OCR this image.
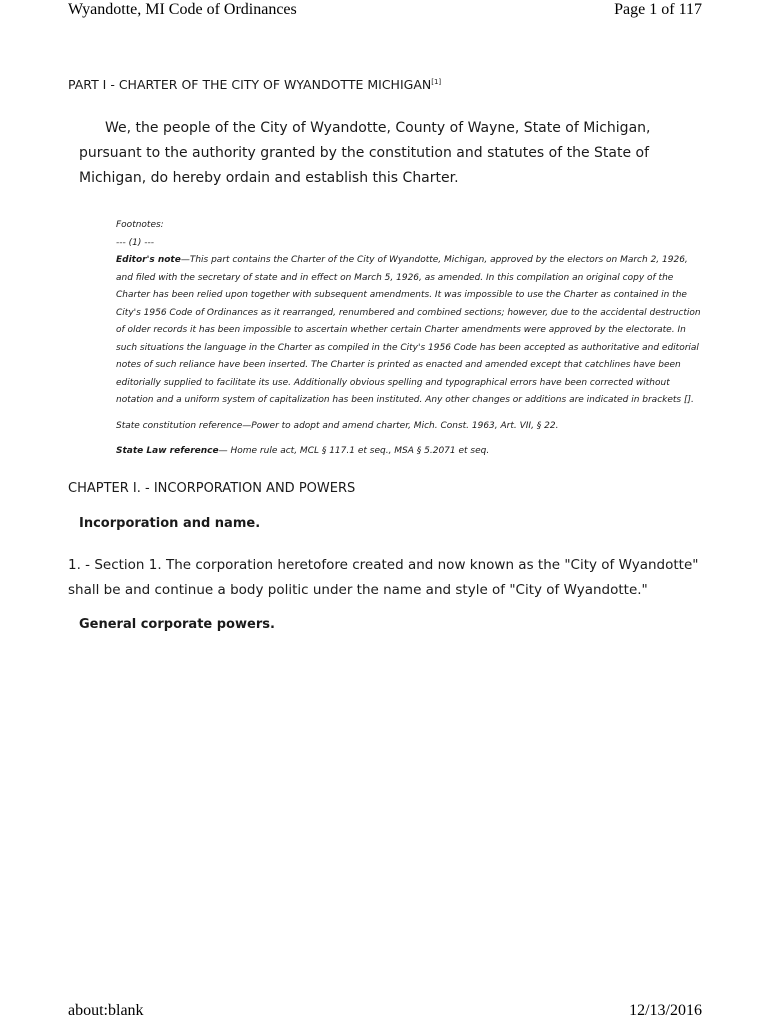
Wyandotte, MI Code of Ordinances	Page 1 of 117

PART I - CHARTER OF THE CITY OF WYANDOTTE MICHIGAN[1]

We, the people of the City of Wyandotte, County of Wayne, State of Michigan, pursuant to the authority granted by the constitution and statutes of the State of Michigan, do hereby ordain and establish this Charter.

Footnotes:

--- (1) ---

Editor's note—This part contains the Charter of the City of Wyandotte, Michigan, approved by the electors on March 2, 1926, and filed with the secretary of state and in effect on March 5, 1926, as amended. In this compilation an original copy of the Charter has been relied upon together with subsequent amendments. It was impossible to use the Charter as contained in the City's 1956 Code of Ordinances as it rearranged, renumbered and combined sections; however, due to the accidental destruction of older records it has been impossible to ascertain whether certain Charter amendments were approved by the electorate. In such situations the language in the Charter as compiled in the City's 1956 Code has been accepted as authoritative and editorial notes of such reliance have been inserted. The Charter is printed as enacted and amended except that catchlines have been editorially supplied to facilitate its use. Additionally obvious spelling and typographical errors have been corrected without notation and a uniform system of capitalization has been instituted. Any other changes or additions are indicated in brackets [].

State constitution reference—Power to adopt and amend charter, Mich. Const. 1963, Art. VII, § 22.

State Law reference— Home rule act, MCL § 117.1 et seq., MSA § 5.2071 et seq.

CHAPTER I. - INCORPORATION AND POWERS

Incorporation and name.

1. - Section 1. The corporation heretofore created and now known as the "City of Wyandotte" shall be and continue a body politic under the name and style of "City of Wyandotte."

General corporate powers.

about:blank	12/13/2016
